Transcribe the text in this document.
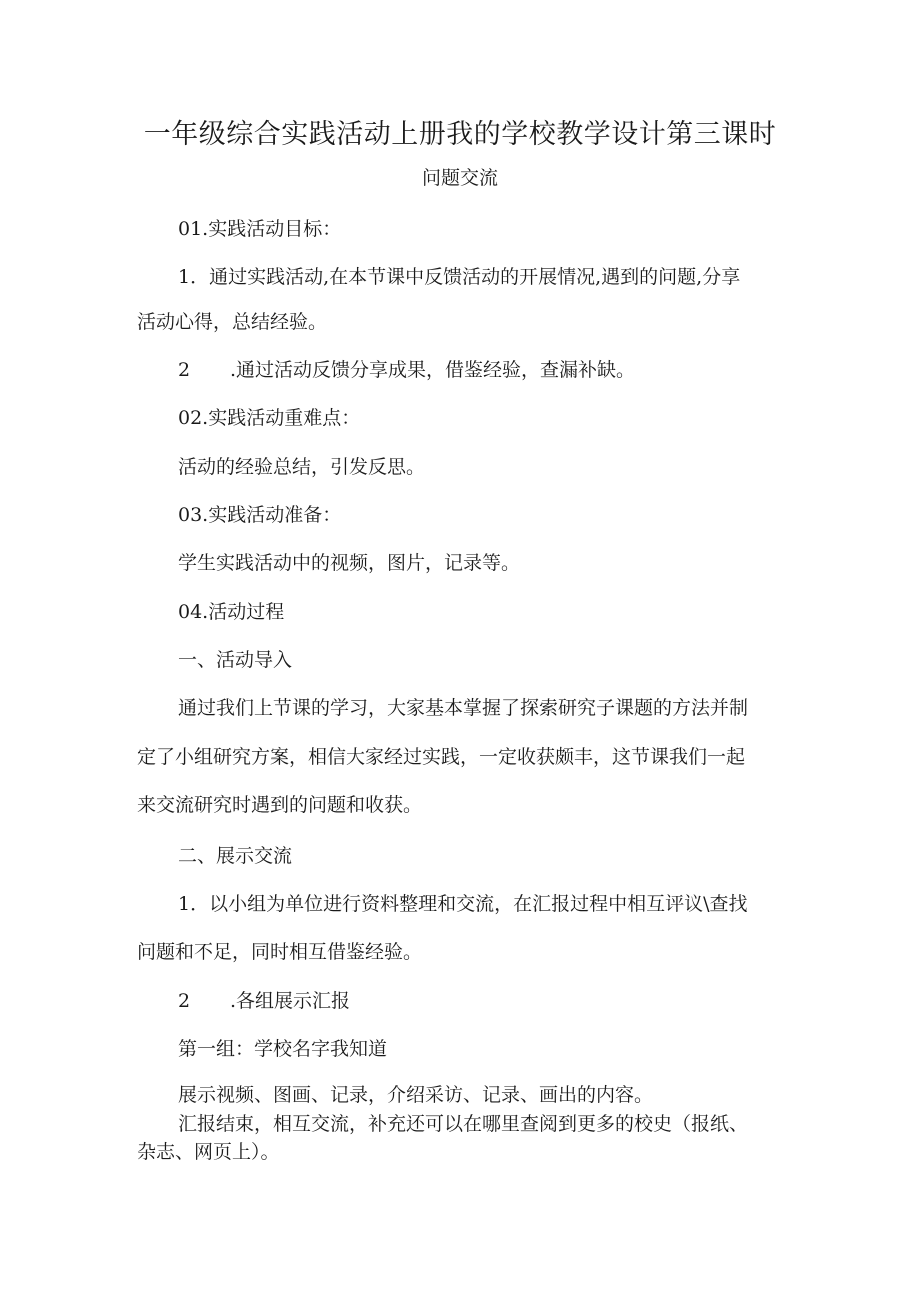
一年级综合实践活动上册我的学校教学设计第三课时
问题交流
01.实践活动目标：
1．通过实践活动,在本节课中反馈活动的开展情况,遇到的问题,分享
活动心得，总结经验。
2 .通过活动反馈分享成果，借鉴经验，查漏补缺。
02.实践活动重难点：
活动的经验总结，引发反思。
03.实践活动准备：
学生实践活动中的视频，图片，记录等。
04.活动过程
一、活动导入
通过我们上节课的学习，大家基本掌握了探索研究子课题的方法并制
定了小组研究方案，相信大家经过实践，一定收获颇丰，这节课我们一起
来交流研究时遇到的问题和收获。
二、展示交流
1．以小组为单位进行资料整理和交流，在汇报过程中相互评议\查找
问题和不足，同时相互借鉴经验。
2 .各组展示汇报
第一组：学校名字我知道
展示视频、图画、记录，介绍采访、记录、画出的内容。
汇报结束，相互交流，补充还可以在哪里查阅到更多的校史（报纸、
杂志、网页上）。
